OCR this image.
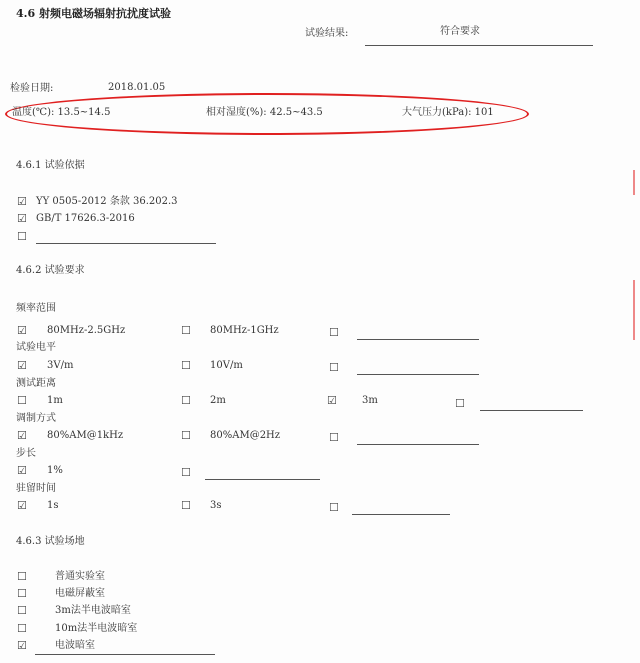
4.6 射频电磁场辐射抗扰度试验
试验结果:	符合要求
检验日期:	2018.01.05
温度(℃): 13.5~14.5	相对湿度(%): 42.5~43.5	大气压力(kPa): 101
4.6.1 试验依据
4.6.2 试验要求
4.6.3 试验场地
☑ YY 0505-2012 条款 36.202.3
☑ GB/T 17626.3-2016
☐
频率范围
☑ 80MHz-2.5GHz	☐ 80MHz-1GHz	☐
试验电平
☑ 3V/m	☐ 10V/m	☐
测试距离
☐ 1m	☐ 2m	☑	3m	☐
调制方式
☑ 80%AM@1kHz	☐ 80%AM@2Hz	☐
步长
☑ 1%	☐
驻留时间
☑ 1s	☐ 3s	☐
☐	普通实验室
☐	电磁屏蔽室
☐	3m法半电波暗室
☐	10m法半电波暗室
☑	电波暗室
